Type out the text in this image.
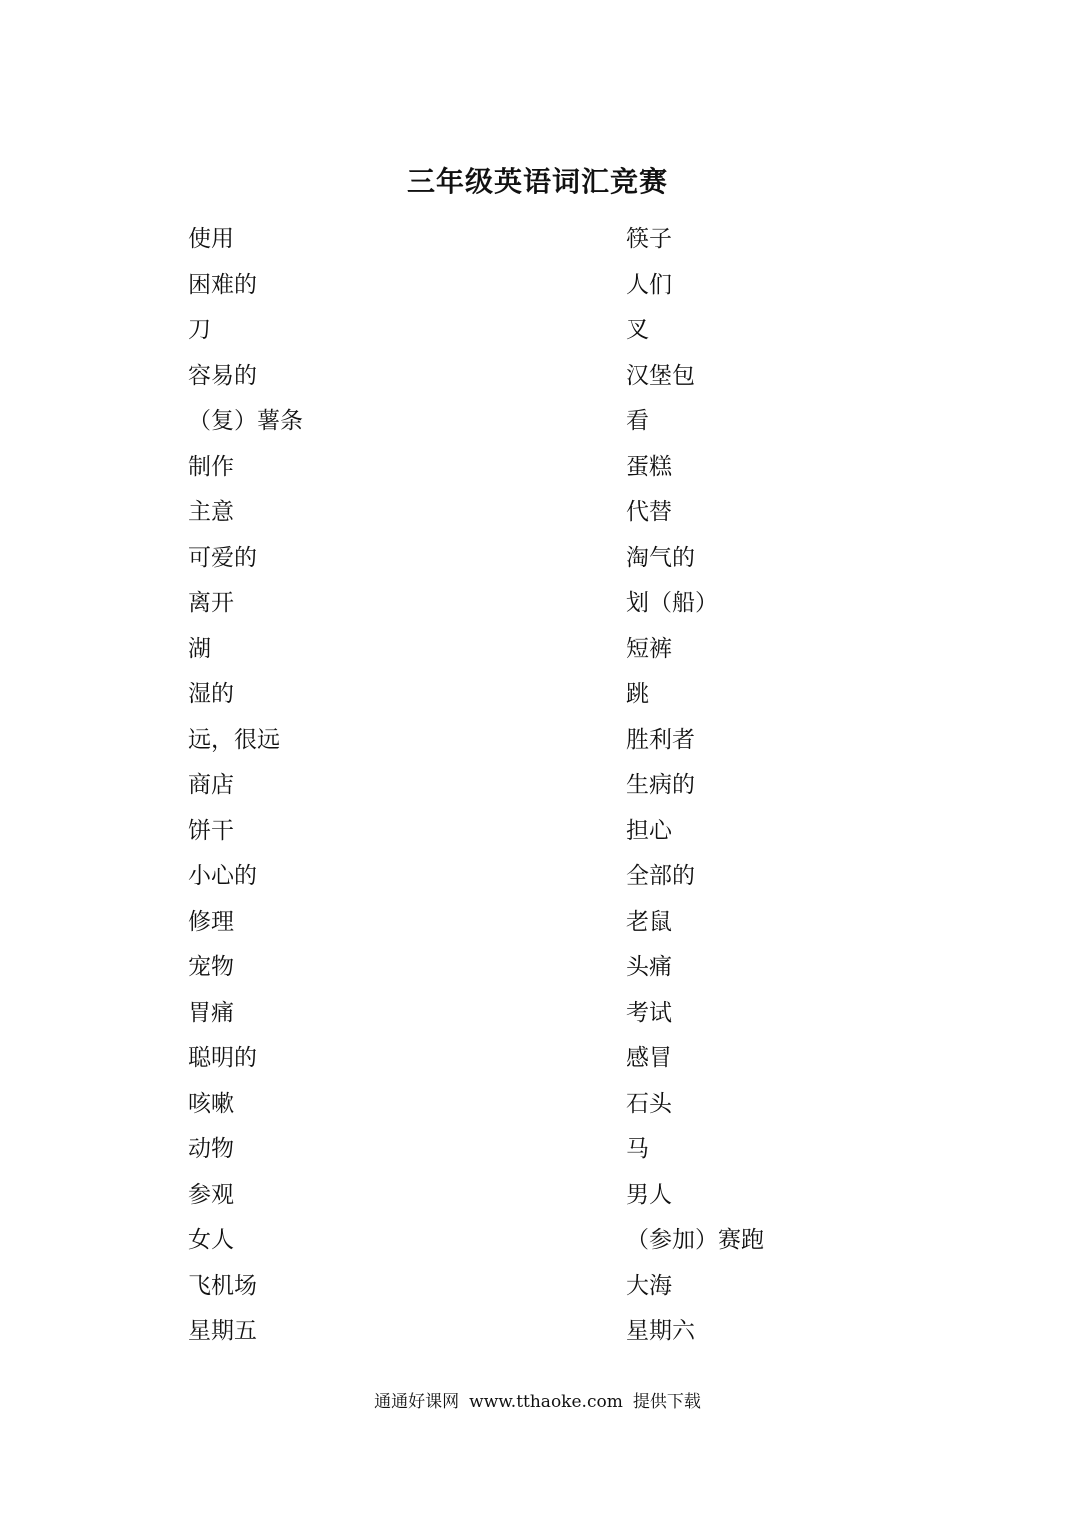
三年级英语词汇竞赛
使用	筷子
困难的	人们
刀	叉
容易的	汉堡包
（复）薯条	看
制作	蛋糕
主意	代替
可爱的	淘气的
离开	划（船）
湖	短裤
湿的	跳
远，很远	胜利者
商店	生病的
饼干	担心
小心的	全部的
修理	老鼠
宠物	头痛
胃痛	考试
聪明的	感冒
咳嗽	石头
动物	马
参观	男人
女人	（参加）赛跑
飞机场	大海
星期五	星期六
通通好课网 www.tthaoke.com 提供下载
